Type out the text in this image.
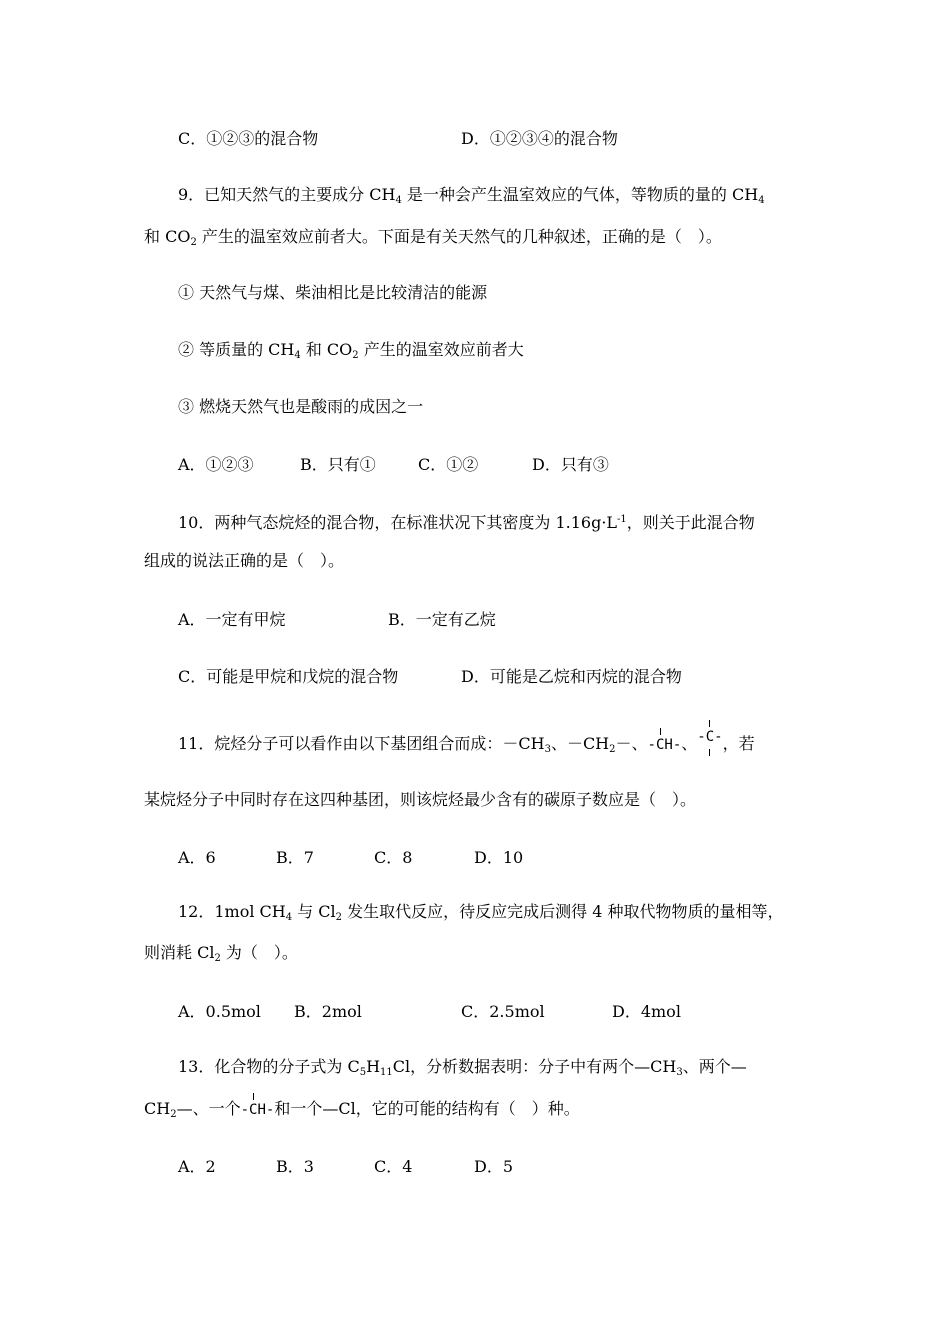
C．①②③的混合物	D．①②③④的混合物
9．已知天然气的主要成分 $CH_4$ 是一种会产生温室效应的气体，等物质的量的 $CH_4$
和 $CO_2$ 产生的温室效应前者大。下面是有关天然气的几种叙述，正确的是（　）。
① 天然气与煤、柴油相比是比较清洁的能源
② 等质量的 $CH_4$ 和 $CO_2$ 产生的温室效应前者大
③ 燃烧天然气也是酸雨的成因之一
A．①②③	B．只有①	C．①②	D．只有③
10．两种气态烷烃的混合物，在标准状况下其密度为 $1.16g\cdot L^{-1}$，则关于此混合物
组成的说法正确的是（　）。
A．一定有甲烷	B．一定有乙烷
C．可能是甲烷和戊烷的混合物	D．可能是乙烷和丙烷的混合物
11．烷烃分子可以看作由以下基团组合而成：$-CH_3$、$-CH_2-$、
-CH-、
-C-，若
某烷烃分子中同时存在这四种基团，则该烷烃最少含有的碳原子数应是（　）。
A．6	B．7	C．8	D．10
12．1mol $CH_4$ 与 $Cl_2$ 发生取代反应，待反应完成后测得 4 种取代物物质的量相等，
则消耗 $Cl_2$ 为（　）。
A．0.5mol B．2mol	C．2.5mol	D．4mol
13．化合物的分子式为 $C_5H_{11}Cl$，分析数据表明：分子中有两个$—CH_3$、两个—
$CH_2—$、一个
-CH-和一个—Cl，它的可能的结构有（　）种。
A．2	B．3	C．4	D．5
